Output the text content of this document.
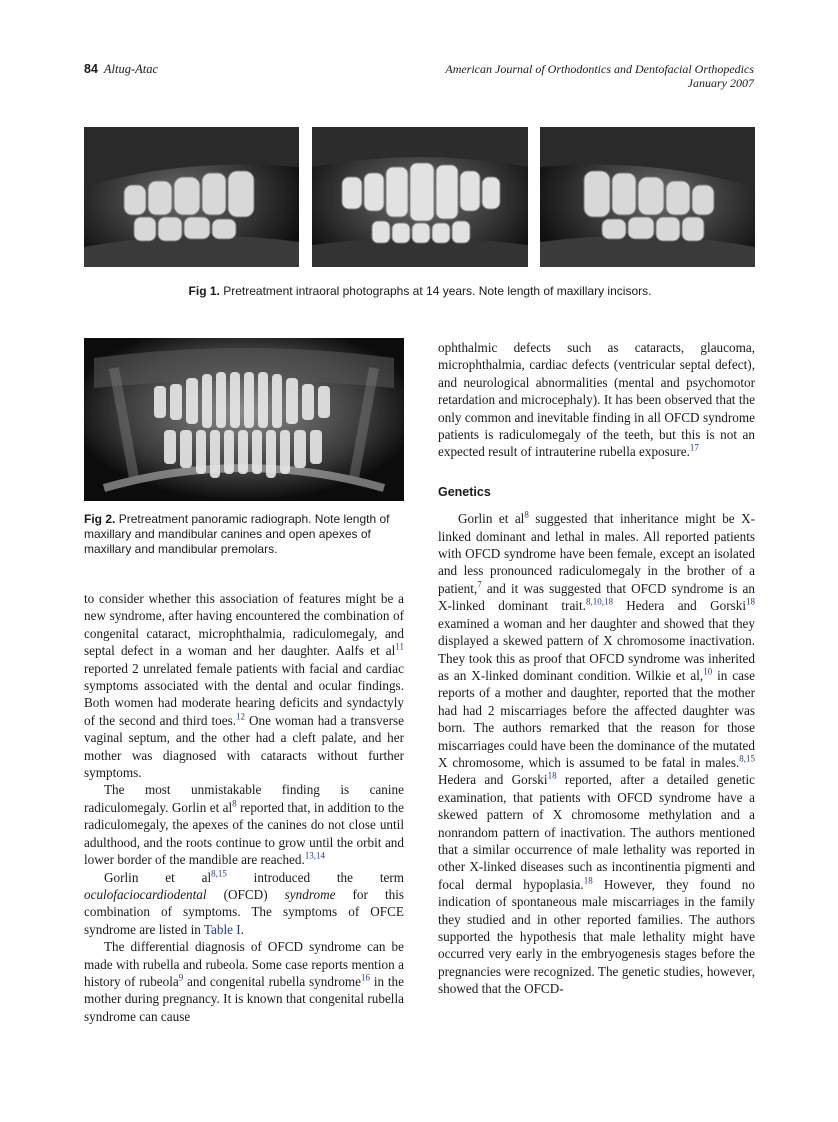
84 Altug-Atac	American Journal of Orthodontics and Dentofacial Orthopedics
January 2007
Fig 1. Pretreatment intraoral photographs at 14 years. Note length of maxillary incisors.
Fig 2. Pretreatment panoramic radiograph. Note length of maxillary and mandibular canines and open apexes of maxillary and mandibular premolars.

to consider whether this association of features might be a new syndrome, after having encountered the combination of congenital cataract, microphthalmia, radiculomegaly, and septal defect in a woman and her daughter. Aalfs et $al^{11}$ reported 2 unrelated female patients with facial and cardiac symptoms associated with the dental and ocular findings. Both women had moderate hearing deficits and syndactyly of the second and third toes.$^{12}$ One woman had a transverse vaginal septum, and the other had a cleft palate, and her mother was diagnosed with cataracts without further symptoms.

The most unmistakable finding is canine radiculomegaly. Gorlin et $al^8$ reported that, in addition to the radiculomegaly, the apexes of the canines do not close until adulthood, and the roots continue to grow until the orbit and lower border of the mandible are reached.$^{13,14}$

Gorlin et al$^{8,15}$ introduced the term oculofaciocardiodental (OFCD) syndrome for this combination of symptoms. The symptoms of OFCE syndrome are listed in Table I.

The differential diagnosis of OFCD syndrome can be made with rubella and rubeola. Some case reports mention a history of rubeola$^9$ and congenital rubella syndrome$^{16}$ in the mother during pregnancy. It is known that congenital rubella syndrome can cause

ophthalmic defects such as cataracts, glaucoma, microphthalmia, cardiac defects (ventricular septal defect), and neurological abnormalities (mental and psychomotor retardation and microcephaly). It has been observed that the only common and inevitable finding in all OFCD syndrome patients is radiculomegaly of the teeth, but this is not an expected result of intrauterine rubella exposure.$^{17}$

Genetics

Gorlin et $al^8$ suggested that inheritance might be X-linked dominant and lethal in males. All reported patients with OFCD syndrome have been female, except an isolated and less pronounced radiculomegaly in the brother of a patient,$^7$ and it was suggested that OFCD syndrome is an X-linked dominant trait.$^{8,10,18}$ Hedera and Gorski$^{18}$ examined a woman and her daughter and showed that they displayed a skewed pattern of X chromosome inactivation. They took this as proof that OFCD syndrome was inherited as an X-linked dominant condition. Wilkie et al,$^{10}$ in case reports of a mother and daughter, reported that the mother had had 2 miscarriages before the affected daughter was born. The authors remarked that the reason for those miscarriages could have been the dominance of the mutated X chromosome, which is assumed to be fatal in males.$^{8,15}$ Hedera and Gorski$^{18}$ reported, after a detailed genetic examination, that patients with OFCD syndrome have a skewed pattern of X chromosome methylation and a nonrandom pattern of inactivation. The authors mentioned that a similar occurrence of male lethality was reported in other X-linked diseases such as incontinentia pigmenti and focal dermal hypoplasia.$^{18}$ However, they found no indication of spontaneous male miscarriages in the family they studied and in other reported families. The authors supported the hypothesis that male lethality might have occurred very early in the embryogenesis stages before the pregnancies were recognized. The genetic studies, however, showed that the OFCD-
